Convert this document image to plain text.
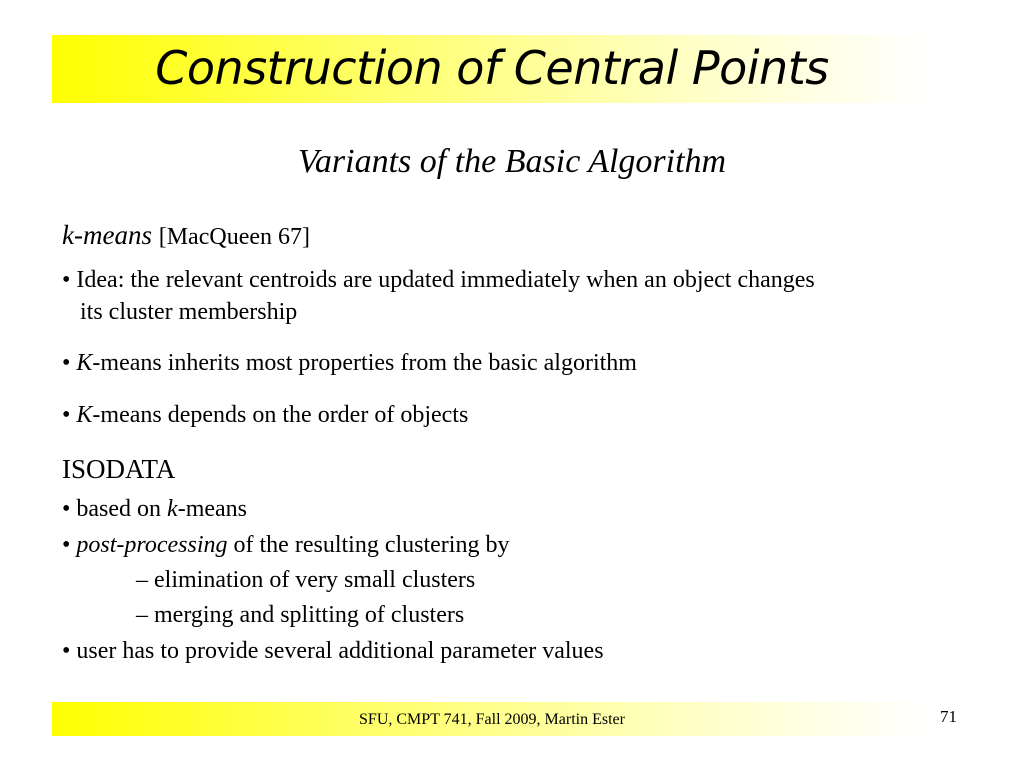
Construction of Central Points
Variants of the Basic Algorithm
k-means [MacQueen 67]
• Idea: the relevant centroids are updated immediately when an object changes
its cluster membership
• K-means inherits most properties from the basic algorithm
• K-means depends on the order of objects
ISODATA
• based on k-means
• post-processing of the resulting clustering by
– elimination of very small clusters
– merging and splitting of clusters
• user has to provide several additional parameter values
SFU, CMPT 741, Fall 2009, Martin Ester	71
